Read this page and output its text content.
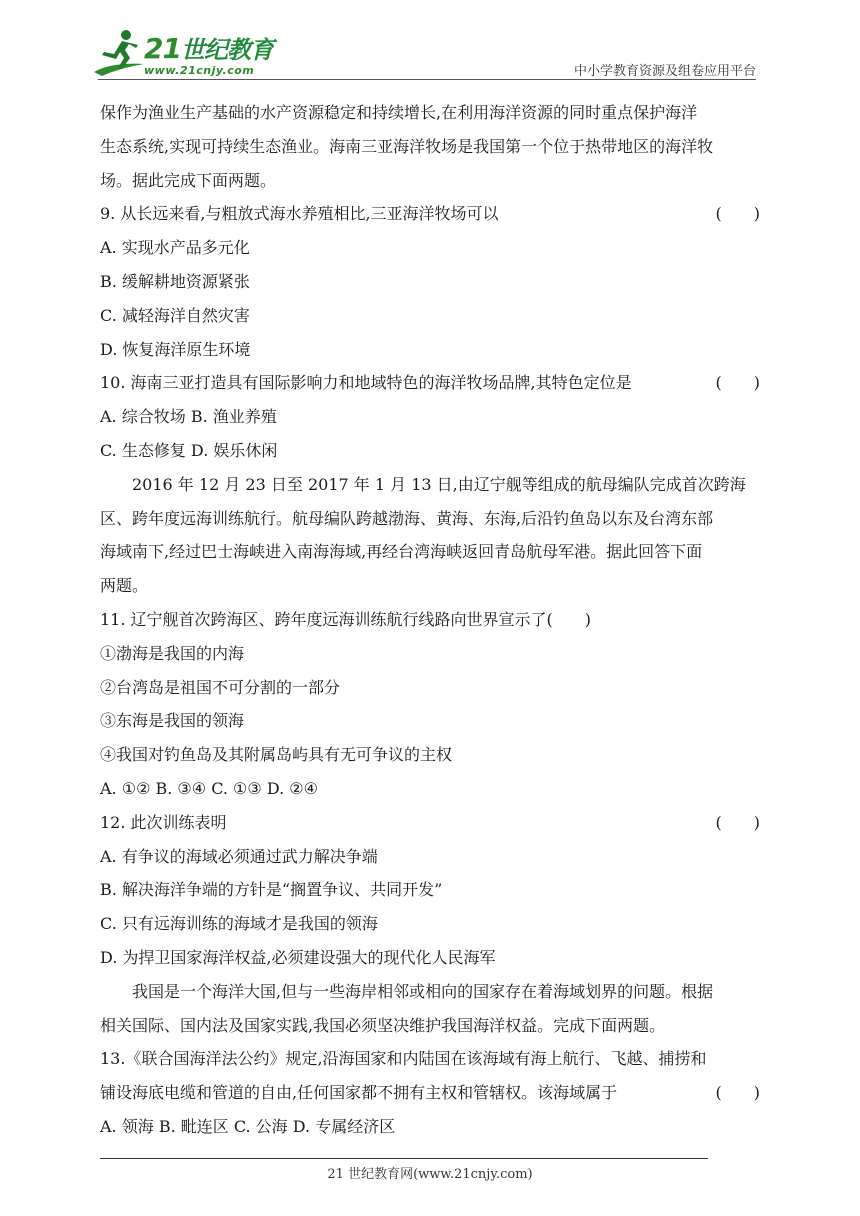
21世纪教育
www.21cnjy.com	中小学教育资源及组卷应用平台
保作为渔业生产基础的水产资源稳定和持续增长,在利用海洋资源的同时重点保护海洋
生态系统,实现可持续生态渔业。海南三亚海洋牧场是我国第一个位于热带地区的海洋牧
场。据此完成下面两题。
9. 从长远来看,与粗放式海水养殖相比,三亚海洋牧场可以	(　　)
A. 实现水产品多元化
B. 缓解耕地资源紧张
C. 减轻海洋自然灾害
D. 恢复海洋原生环境
10. 海南三亚打造具有国际影响力和地域特色的海洋牧场品牌,其特色定位是	(　　)
A. 综合牧场 B. 渔业养殖
C. 生态修复 D. 娱乐休闲
2016 年 12 月 23 日至 2017 年 1 月 13 日,由辽宁舰等组成的航母编队完成首次跨海
区、跨年度远海训练航行。航母编队跨越渤海、黄海、东海,后沿钓鱼岛以东及台湾东部
海域南下,经过巴士海峡进入南海海域,再经台湾海峡返回青岛航母军港。据此回答下面
两题。
11. 辽宁舰首次跨海区、跨年度远海训练航行线路向世界宣示了(　　)
①渤海是我国的内海
②台湾岛是祖国不可分割的一部分
③东海是我国的领海
④我国对钓鱼岛及其附属岛屿具有无可争议的主权
A. ①② B. ③④ C. ①③ D. ②④
12. 此次训练表明	(　　)
A. 有争议的海域必须通过武力解决争端
B. 解决海洋争端的方针是“搁置争议、共同开发”
C. 只有远海训练的海域才是我国的领海
D. 为捍卫国家海洋权益,必须建设强大的现代化人民海军
我国是一个海洋大国,但与一些海岸相邻或相向的国家存在着海域划界的问题。根据
相关国际、国内法及国家实践,我国必须坚决维护我国海洋权益。完成下面两题。
13.《联合国海洋法公约》规定,沿海国家和内陆国在该海域有海上航行、飞越、捕捞和
铺设海底电缆和管道的自由,任何国家都不拥有主权和管辖权。该海域属于	(　　)
A. 领海 B. 毗连区 C. 公海 D. 专属经济区
21 世纪教育网(www.21cnjy.com)
